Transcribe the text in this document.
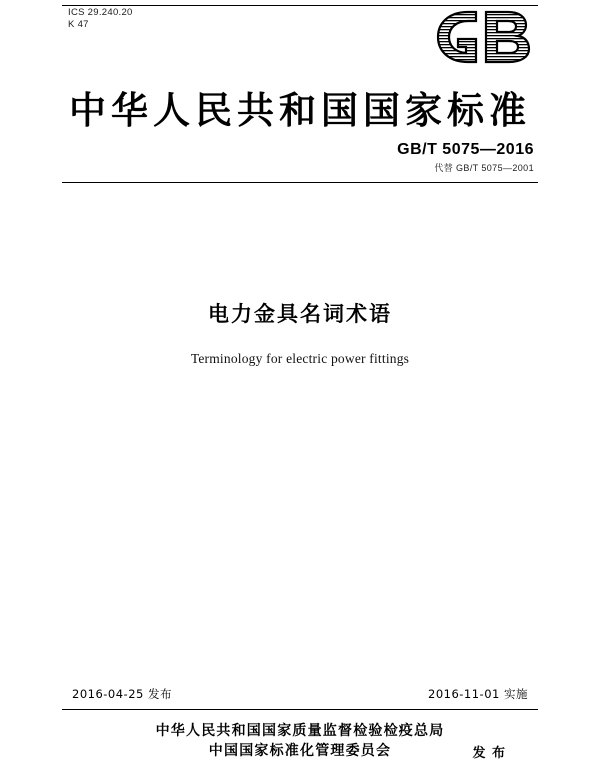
ICS 29.240.20
K 47
中华人民共和国国家标准
GB/T 5075—2016
代替 GB/T 5075—2001
电力金具名词术语
Terminology for electric power fittings
2016-04-25 发布	2016-11-01 实施
中华人民共和国国家质量监督检验检疫总局
中国国家标准化管理委员会	发 布
